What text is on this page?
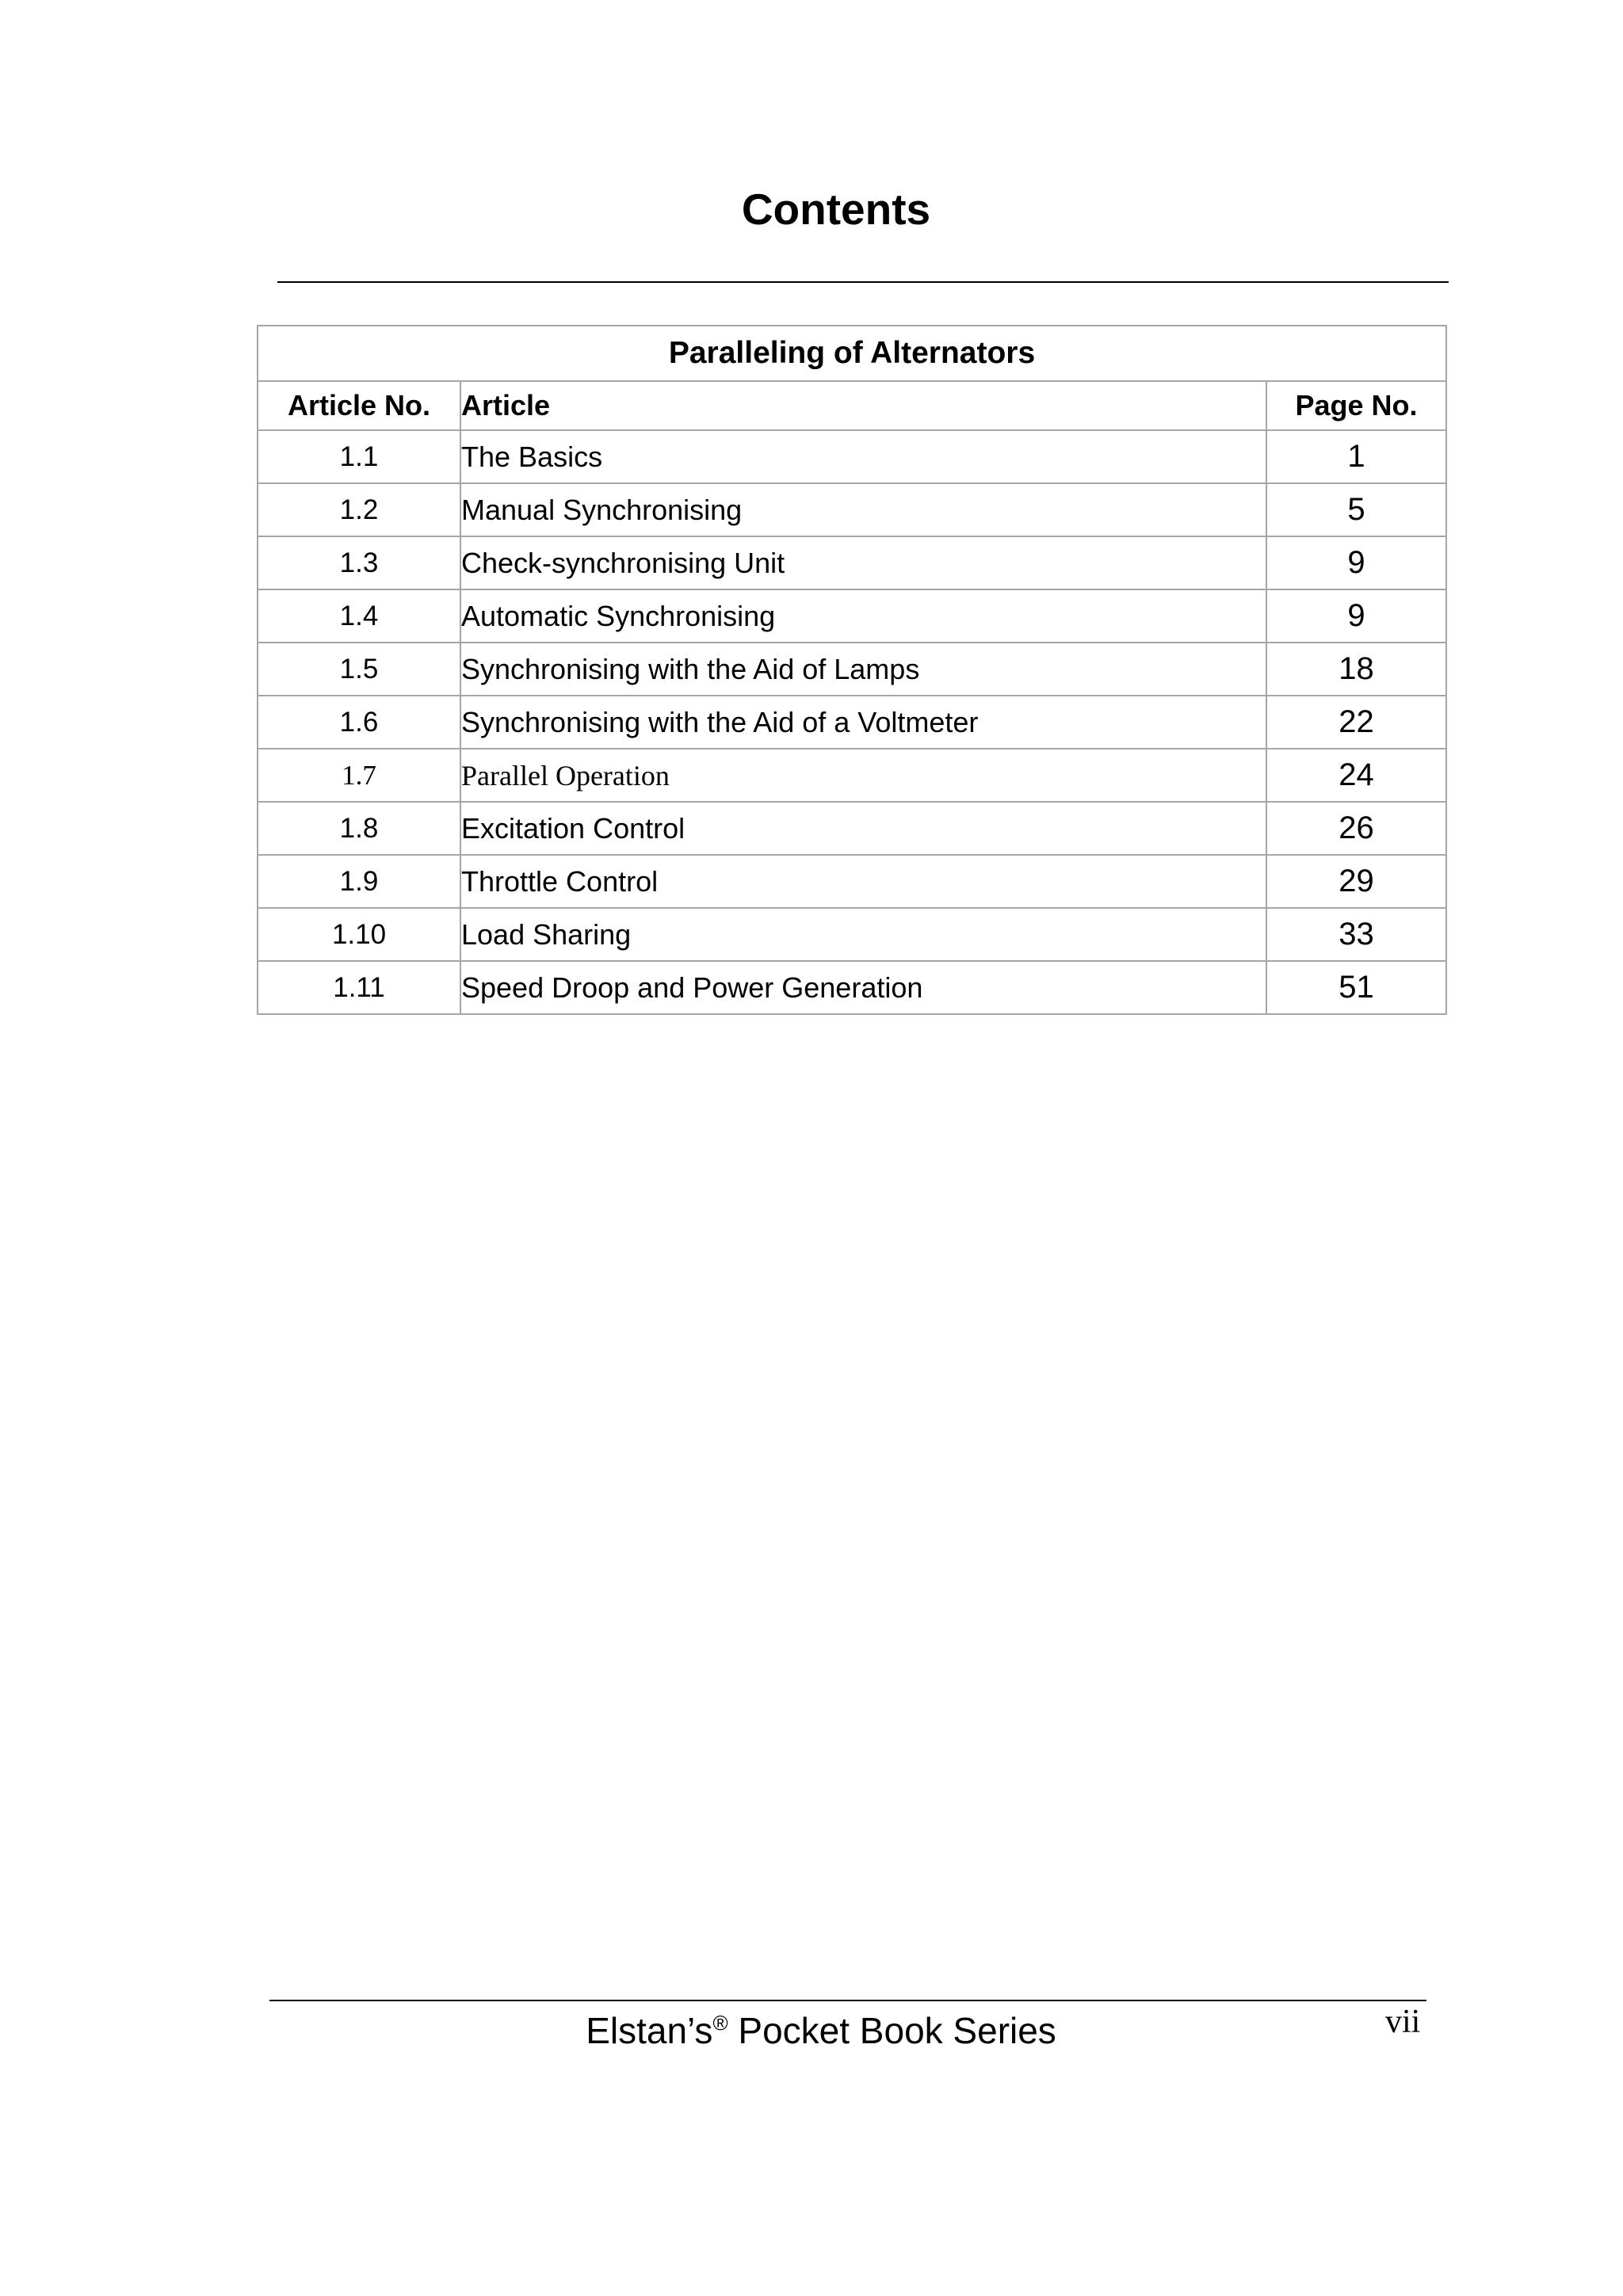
Contents
Paralleling of Alternators		
Article No.	Article	Page No.
1.1	The Basics	1
1.2	Manual Synchronising	5
1.3	Check-synchronising Unit	9
1.4	Automatic Synchronising	9
1.5	Synchronising with the Aid of Lamps	18
1.6	Synchronising with the Aid of a Voltmeter	22
1.7	Parallel Operation	24
1.8	Excitation Control	26
1.9	Throttle Control	29
1.10	Load Sharing	33
1.11	Speed Droop and Power Generation	51
Elstan’s® Pocket Book Series	vii
